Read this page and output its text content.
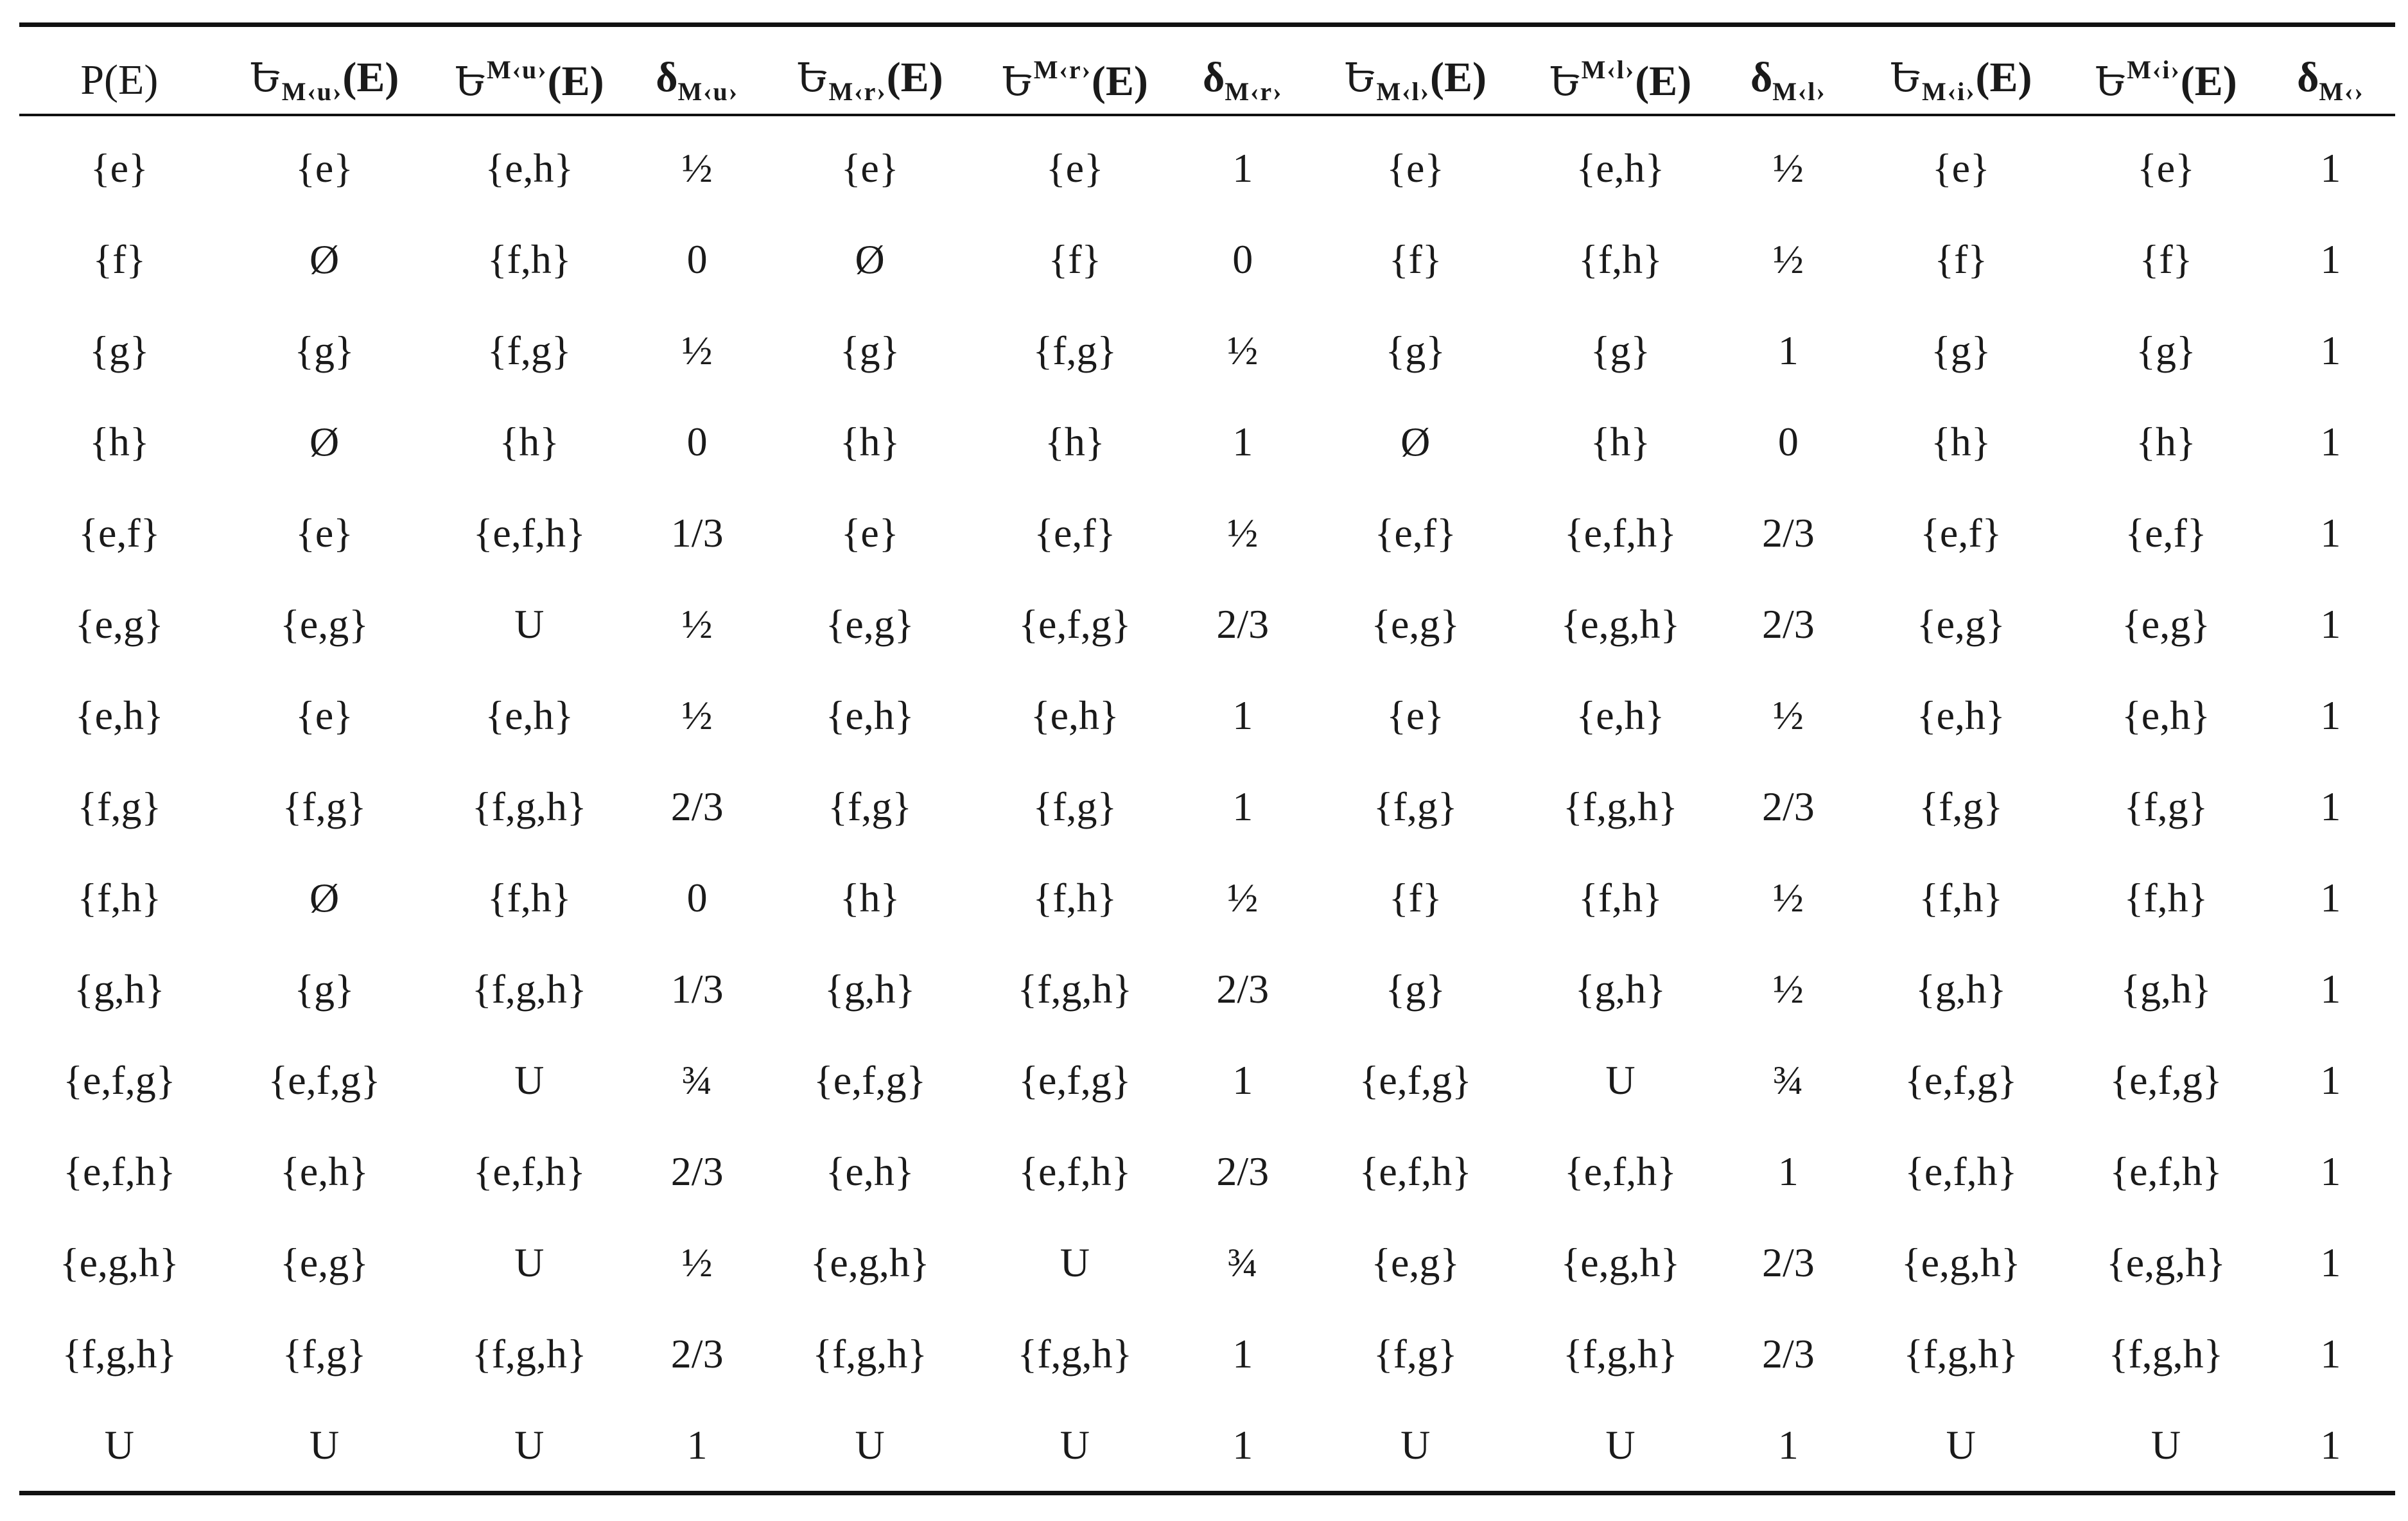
P(E)	Ե$_{M‹u›}$(E)	Ե$^{M‹u›}$(E)	$\delta_{M‹u›}$	Ե$_{M‹r›}$(E)	Ե$^{M‹r›}$(E)	$\delta_{M‹r›}$	Ե$_{M‹l›}$(E)	Ե$^{M‹l›}$(E)	$\delta_{M‹l›}$	Ե$_{M‹i›}$(E)	Ե$^{M‹i›}$(E)	$\delta_{M‹›}$
{e}	{e}	{e,h}	½	{e}	{e}	1	{e}	{e,h}	½	{e}	{e}	1
{f}	Ø	{f,h}	0	Ø	{f}	0	{f}	{f,h}	½	{f}	{f}	1
{g}	{g}	{f,g}	½	{g}	{f,g}	½	{g}	{g}	1	{g}	{g}	1
{h}	Ø	{h}	0	{h}	{h}	1	Ø	{h}	0	{h}	{h}	1
{e,f}	{e}	{e,f,h}	1/3	{e}	{e,f}	½	{e,f}	{e,f,h}	2/3	{e,f}	{e,f}	1
{e,g}	{e,g}	U	½	{e,g}	{e,f,g}	2/3	{e,g}	{e,g,h}	2/3	{e,g}	{e,g}	1
{e,h}	{e}	{e,h}	½	{e,h}	{e,h}	1	{e}	{e,h}	½	{e,h}	{e,h}	1
{f,g}	{f,g}	{f,g,h}	2/3	{f,g}	{f,g}	1	{f,g}	{f,g,h}	2/3	{f,g}	{f,g}	1
{f,h}	Ø	{f,h}	0	{h}	{f,h}	½	{f}	{f,h}	½	{f,h}	{f,h}	1
{g,h}	{g}	{f,g,h}	1/3	{g,h}	{f,g,h}	2/3	{g}	{g,h}	½	{g,h}	{g,h}	1
{e,f,g}	{e,f,g}	U	¾	{e,f,g}	{e,f,g}	1	{e,f,g}	U	¾	{e,f,g}	{e,f,g}	1
{e,f,h}	{e,h}	{e,f,h}	2/3	{e,h}	{e,f,h}	2/3	{e,f,h}	{e,f,h}	1	{e,f,h}	{e,f,h}	1
{e,g,h}	{e,g}	U	½	{e,g,h}	U	¾	{e,g}	{e,g,h}	2/3	{e,g,h}	{e,g,h}	1
{f,g,h}	{f,g}	{f,g,h}	2/3	{f,g,h}	{f,g,h}	1	{f,g}	{f,g,h}	2/3	{f,g,h}	{f,g,h}	1
U	U	U	1	U	U	1	U	U	1	U	U	1
